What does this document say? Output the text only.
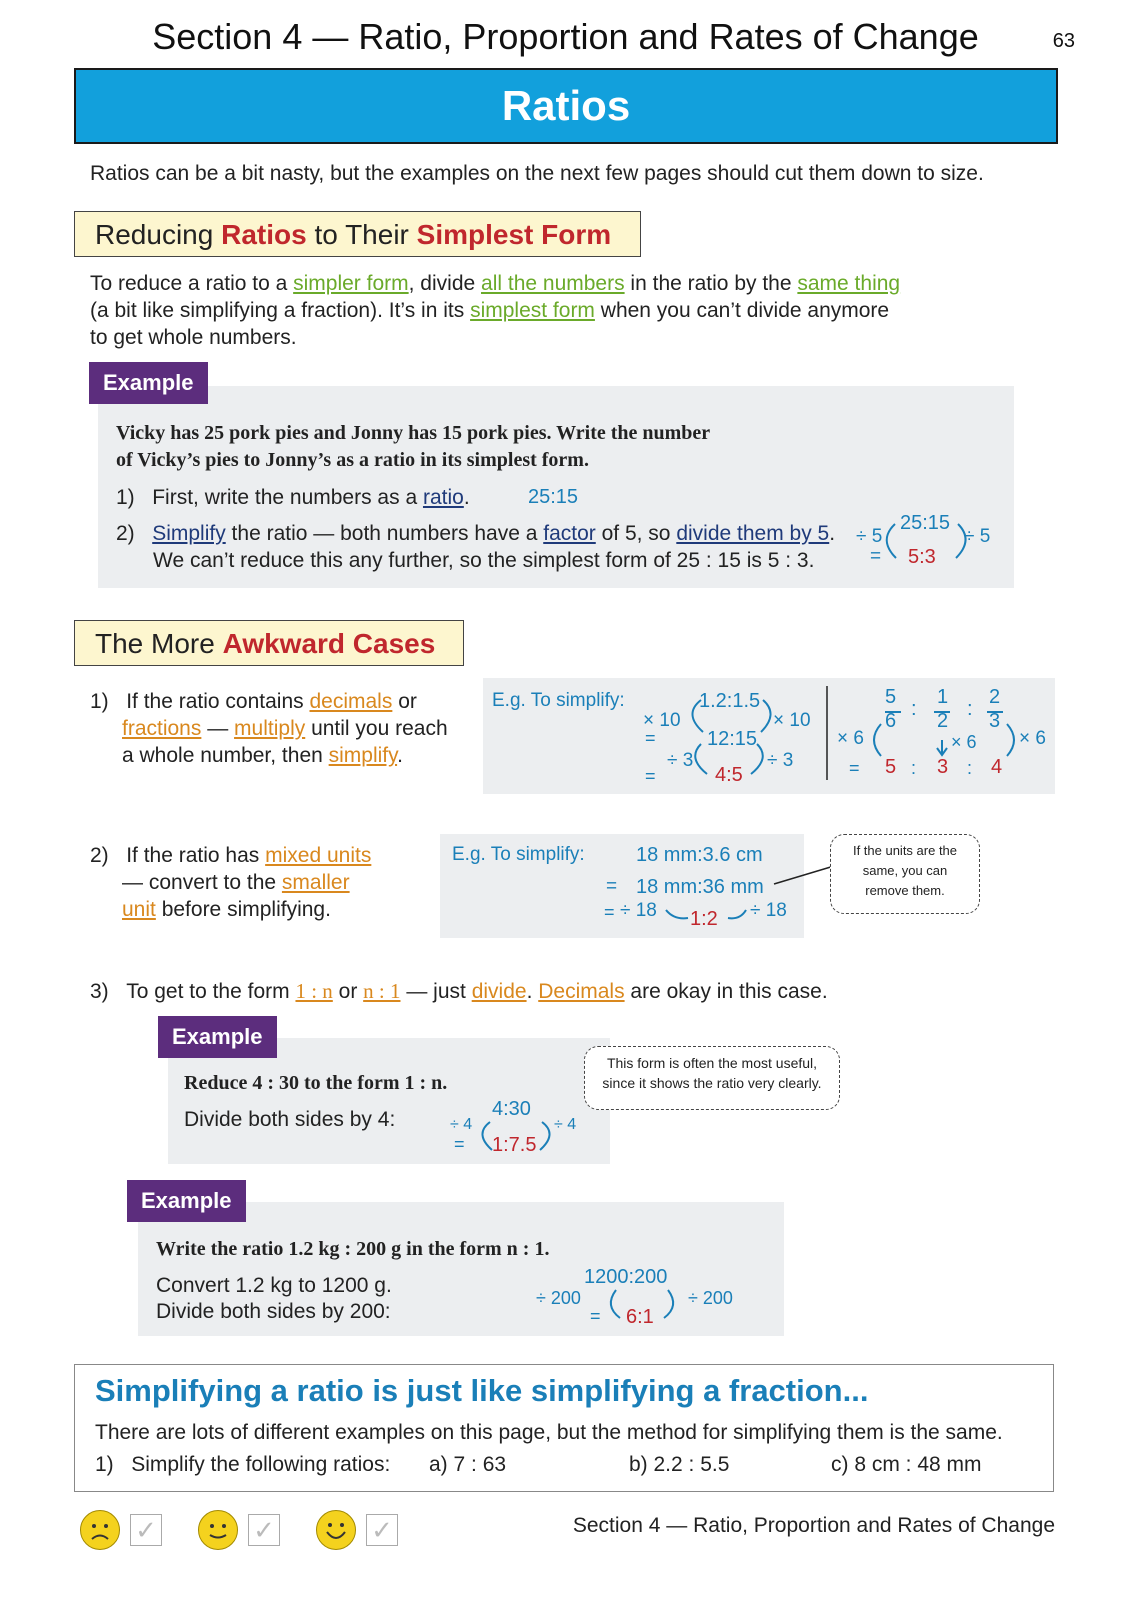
Section 4 — Ratio, Proportion and Rates of Change	63
Ratios
Ratios can be a bit nasty, but the examples on the next few pages should cut them down to size.
Reducing Ratios to Their Simplest Form
To reduce a ratio to a simpler form, divide all the numbers in the ratio by the same thing
(a bit like simplifying a fraction). It’s in its simplest form when you can’t divide anymore
to get whole numbers.
Example
Vicky has 25 pork pies and Jonny has 15 pork pies. Write the number
of Vicky’s pies to Jonny’s as a ratio in its simplest form.
1) First, write the numbers as a ratio.	25:15
2) Simplify the ratio — both numbers have a factor of 5, so divide them by 5.
We can’t reduce this any further, so the simplest form of 25 : 15 is 5 : 3.
25:15
÷ 5	÷ 5
= 5:3
The More Awkward Cases
1) If the ratio contains decimals or
fractions — multiply until you reach
a whole number, then simplify.
E.g. To simplify:	1.2:1.5
× 10	× 10
=	12:15
÷ 3	÷ 3
=	4:5
5
6
:
1
2
:
2
3
× 6	× 6 × 6
= 5 : 3 : 4
2) If the ratio has mixed units
— convert to the smaller
unit before simplifying.
E.g. To simplify:	18 mm:3.6 cm
= 18 mm:36 mm
= ÷ 18 1:2 ÷ 18
If the units are the same, you can remove them.
3) To get to the form 1 : n or n : 1 — just divide. Decimals are okay in this case.
Reduce 4 : 30 to the form 1 : n.
Divide both sides by 4:	4:30
÷ 4	÷ 4
= 1:7.5
Example
This form is often the most useful, since it shows the ratio very clearly.
Write the ratio 1.2 kg : 200 g in the form n : 1.
Convert 1.2 kg to 1200 g.
Divide both sides by 200:
1200:200
÷ 200	÷ 200
= 6:1
Example
Simplifying a ratio is just like simplifying a fraction...
There are lots of different examples on this page, but the method for simplifying them is the same.
1) Simplify the following ratios: a) 7 : 63	b) 2.2 : 5.5	c) 8 cm : 48 mm
✓	✓	✓	Section 4 — Ratio, Proportion and Rates of Change
